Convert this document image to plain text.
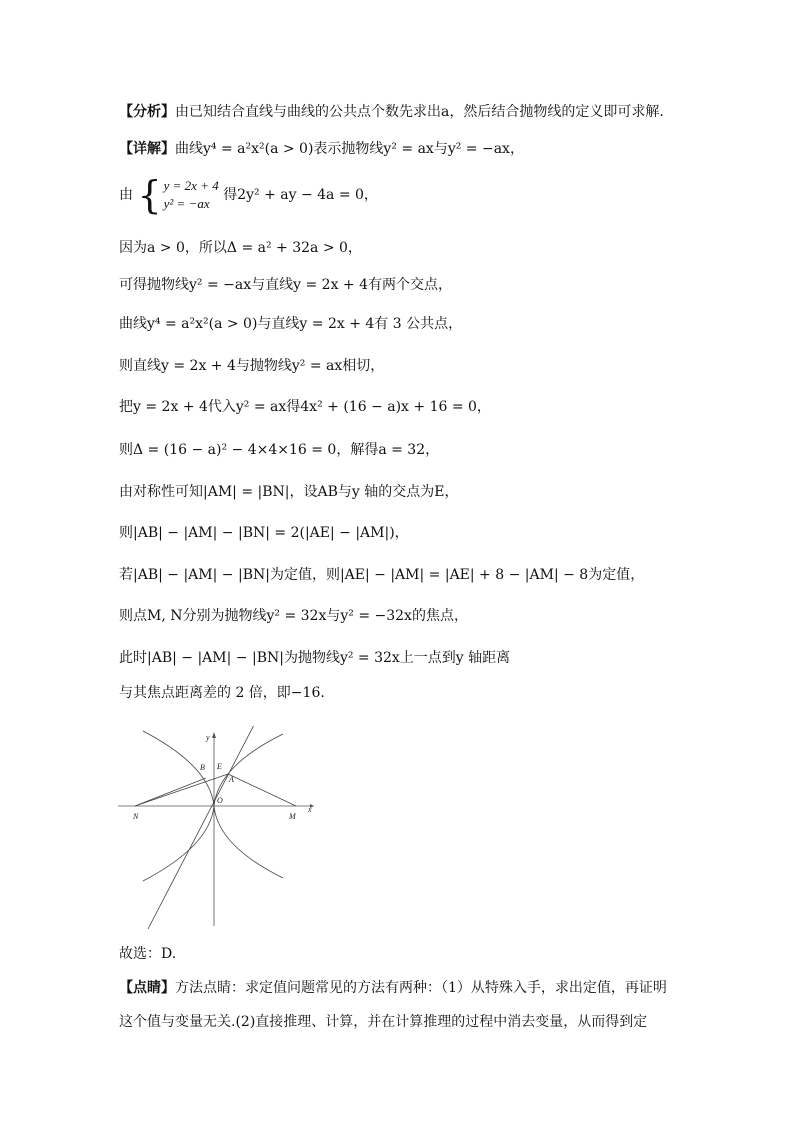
【分析】由已知结合直线与曲线的公共点个数先求出a，然后结合抛物线的定义即可求解.
【详解】曲线y⁴ = a²x²(a > 0)表示抛物线y² = ax与y² = −ax，
由 { y = 2x + 4
y² = −ax
得2y² + ay − 4a = 0，
因为a > 0，所以Δ = a² + 32a > 0，
可得抛物线y² = −ax与直线y = 2x + 4有两个交点，
曲线y⁴ = a²x²(a > 0)与直线y = 2x + 4有 3 公共点，
则直线y = 2x + 4与抛物线y² = ax相切，
把y = 2x + 4代入y² = ax得4x² + (16 − a)x + 16 = 0，
则Δ = (16 − a)² − 4×4×16 = 0，解得a = 32，
由对称性可知|AM| = |BN|，设AB与y 轴的交点为E，
则|AB| − |AM| − |BN| = 2(|AE| − |AM|)，
若|AB| − |AM| − |BN|为定值，则|AE| − |AM| = |AE| + 8 − |AM| − 8为定值，
则点M, N分别为抛物线y² = 32x与y² = −32x的焦点，
此时|AB| − |AM| − |BN|为抛物线y² = 32x上一点到y 轴距离
与其焦点距离差的 2 倍，即−16.
y
x
B E
A
O
N	M
故选：D.
【点睛】方法点睛：求定值问题常见的方法有两种：（1）从特殊入手，求出定值，再证明
这个值与变量无关.(2)直接推理、计算，并在计算推理的过程中消去变量，从而得到定
